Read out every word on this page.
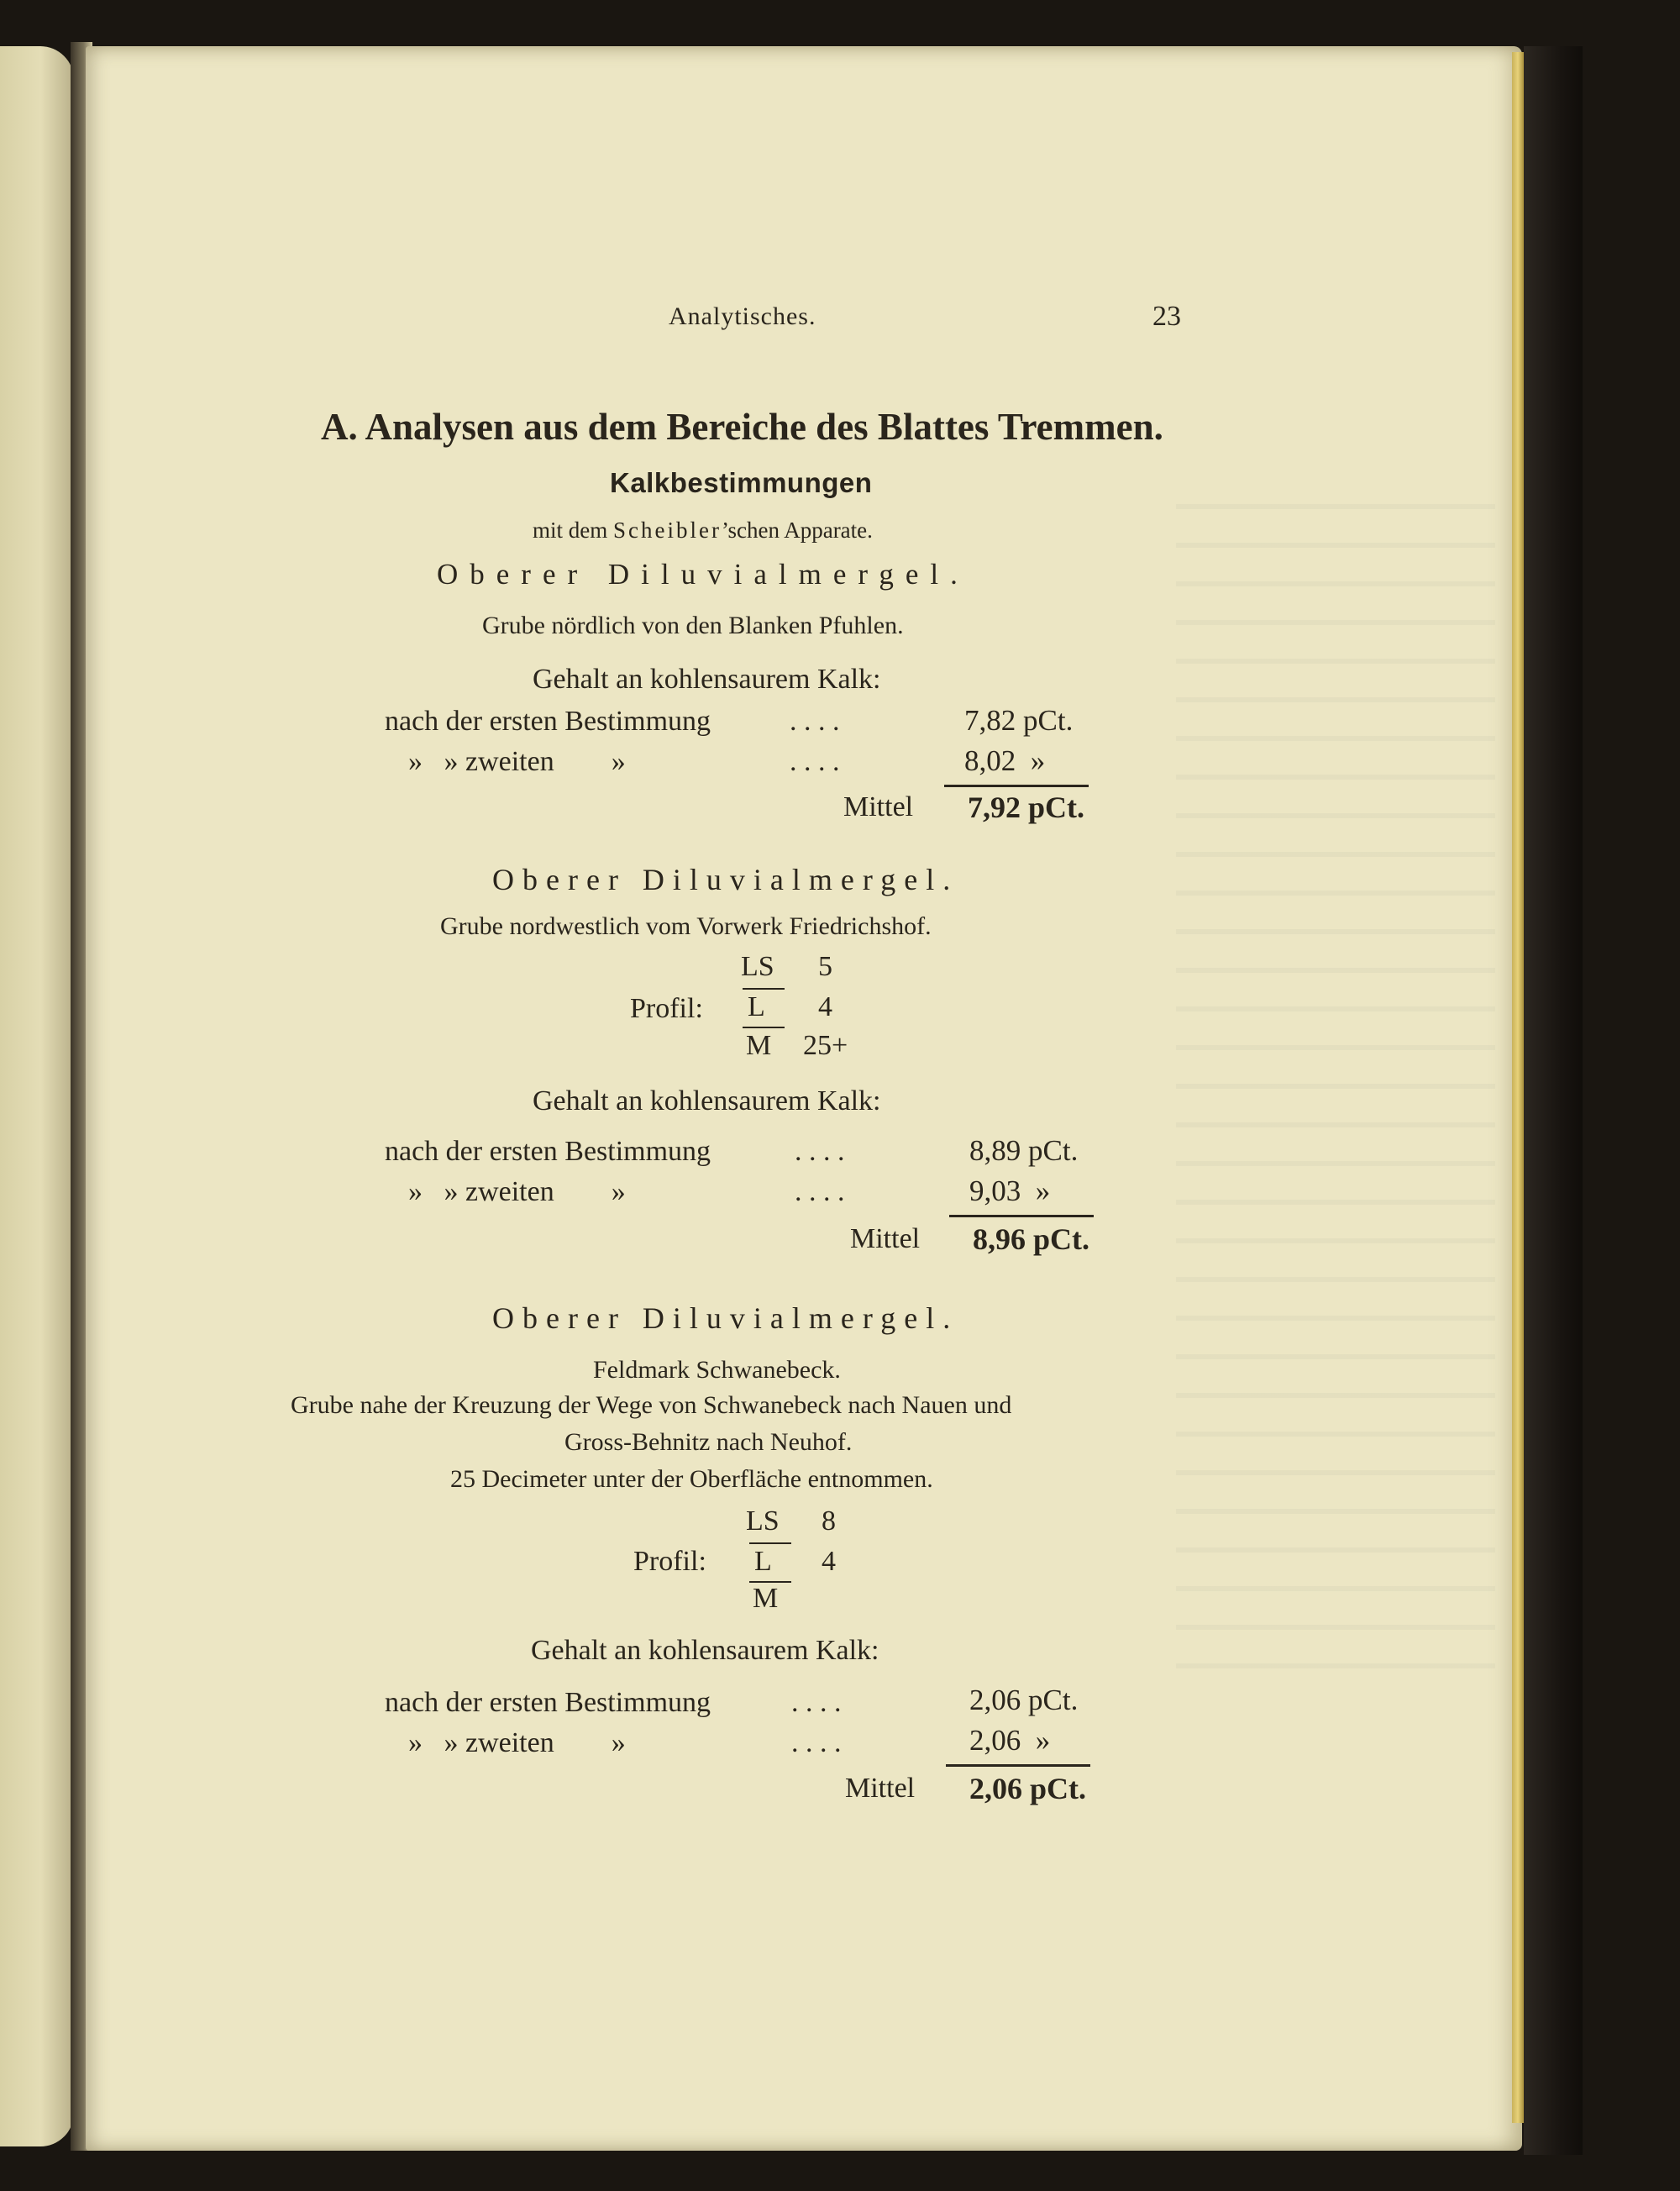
Analytisches.	23
A. Analysen aus dem Bereiche des Blattes Tremmen.
Kalkbestimmungen
mit dem Scheibler’schen Apparate.
Oberer Diluvialmergel.
Grube nördlich von den Blanken Pfuhlen.
Gehalt an kohlensaurem Kalk:
nach der ersten Bestimmung	. . . .	7,82 pCt.
»   » zweiten        »	. . . .	8,02  »
Mittel 7,92 pCt.
Oberer Diluvialmergel.
Grube nordwestlich vom Vorwerk Friedrichshof.
Profil:
LS 5
L 4
M 25+
Gehalt an kohlensaurem Kalk:
nach der ersten Bestimmung	. . . .	8,89 pCt.
»   » zweiten        »	. . . .	9,03  »
Mittel 8,96 pCt.
Oberer Diluvialmergel.
Feldmark Schwanebeck.
Grube nahe der Kreuzung der Wege von Schwanebeck nach Nauen und
Gross-Behnitz nach Neuhof.
25 Decimeter unter der Oberfläche entnommen.
Profil:
LS 8
L 4
M
Gehalt an kohlensaurem Kalk:
nach der ersten Bestimmung	. . . .	2,06 pCt.
»   » zweiten        »	. . . .	2,06  »
Mittel 2,06 pCt.
